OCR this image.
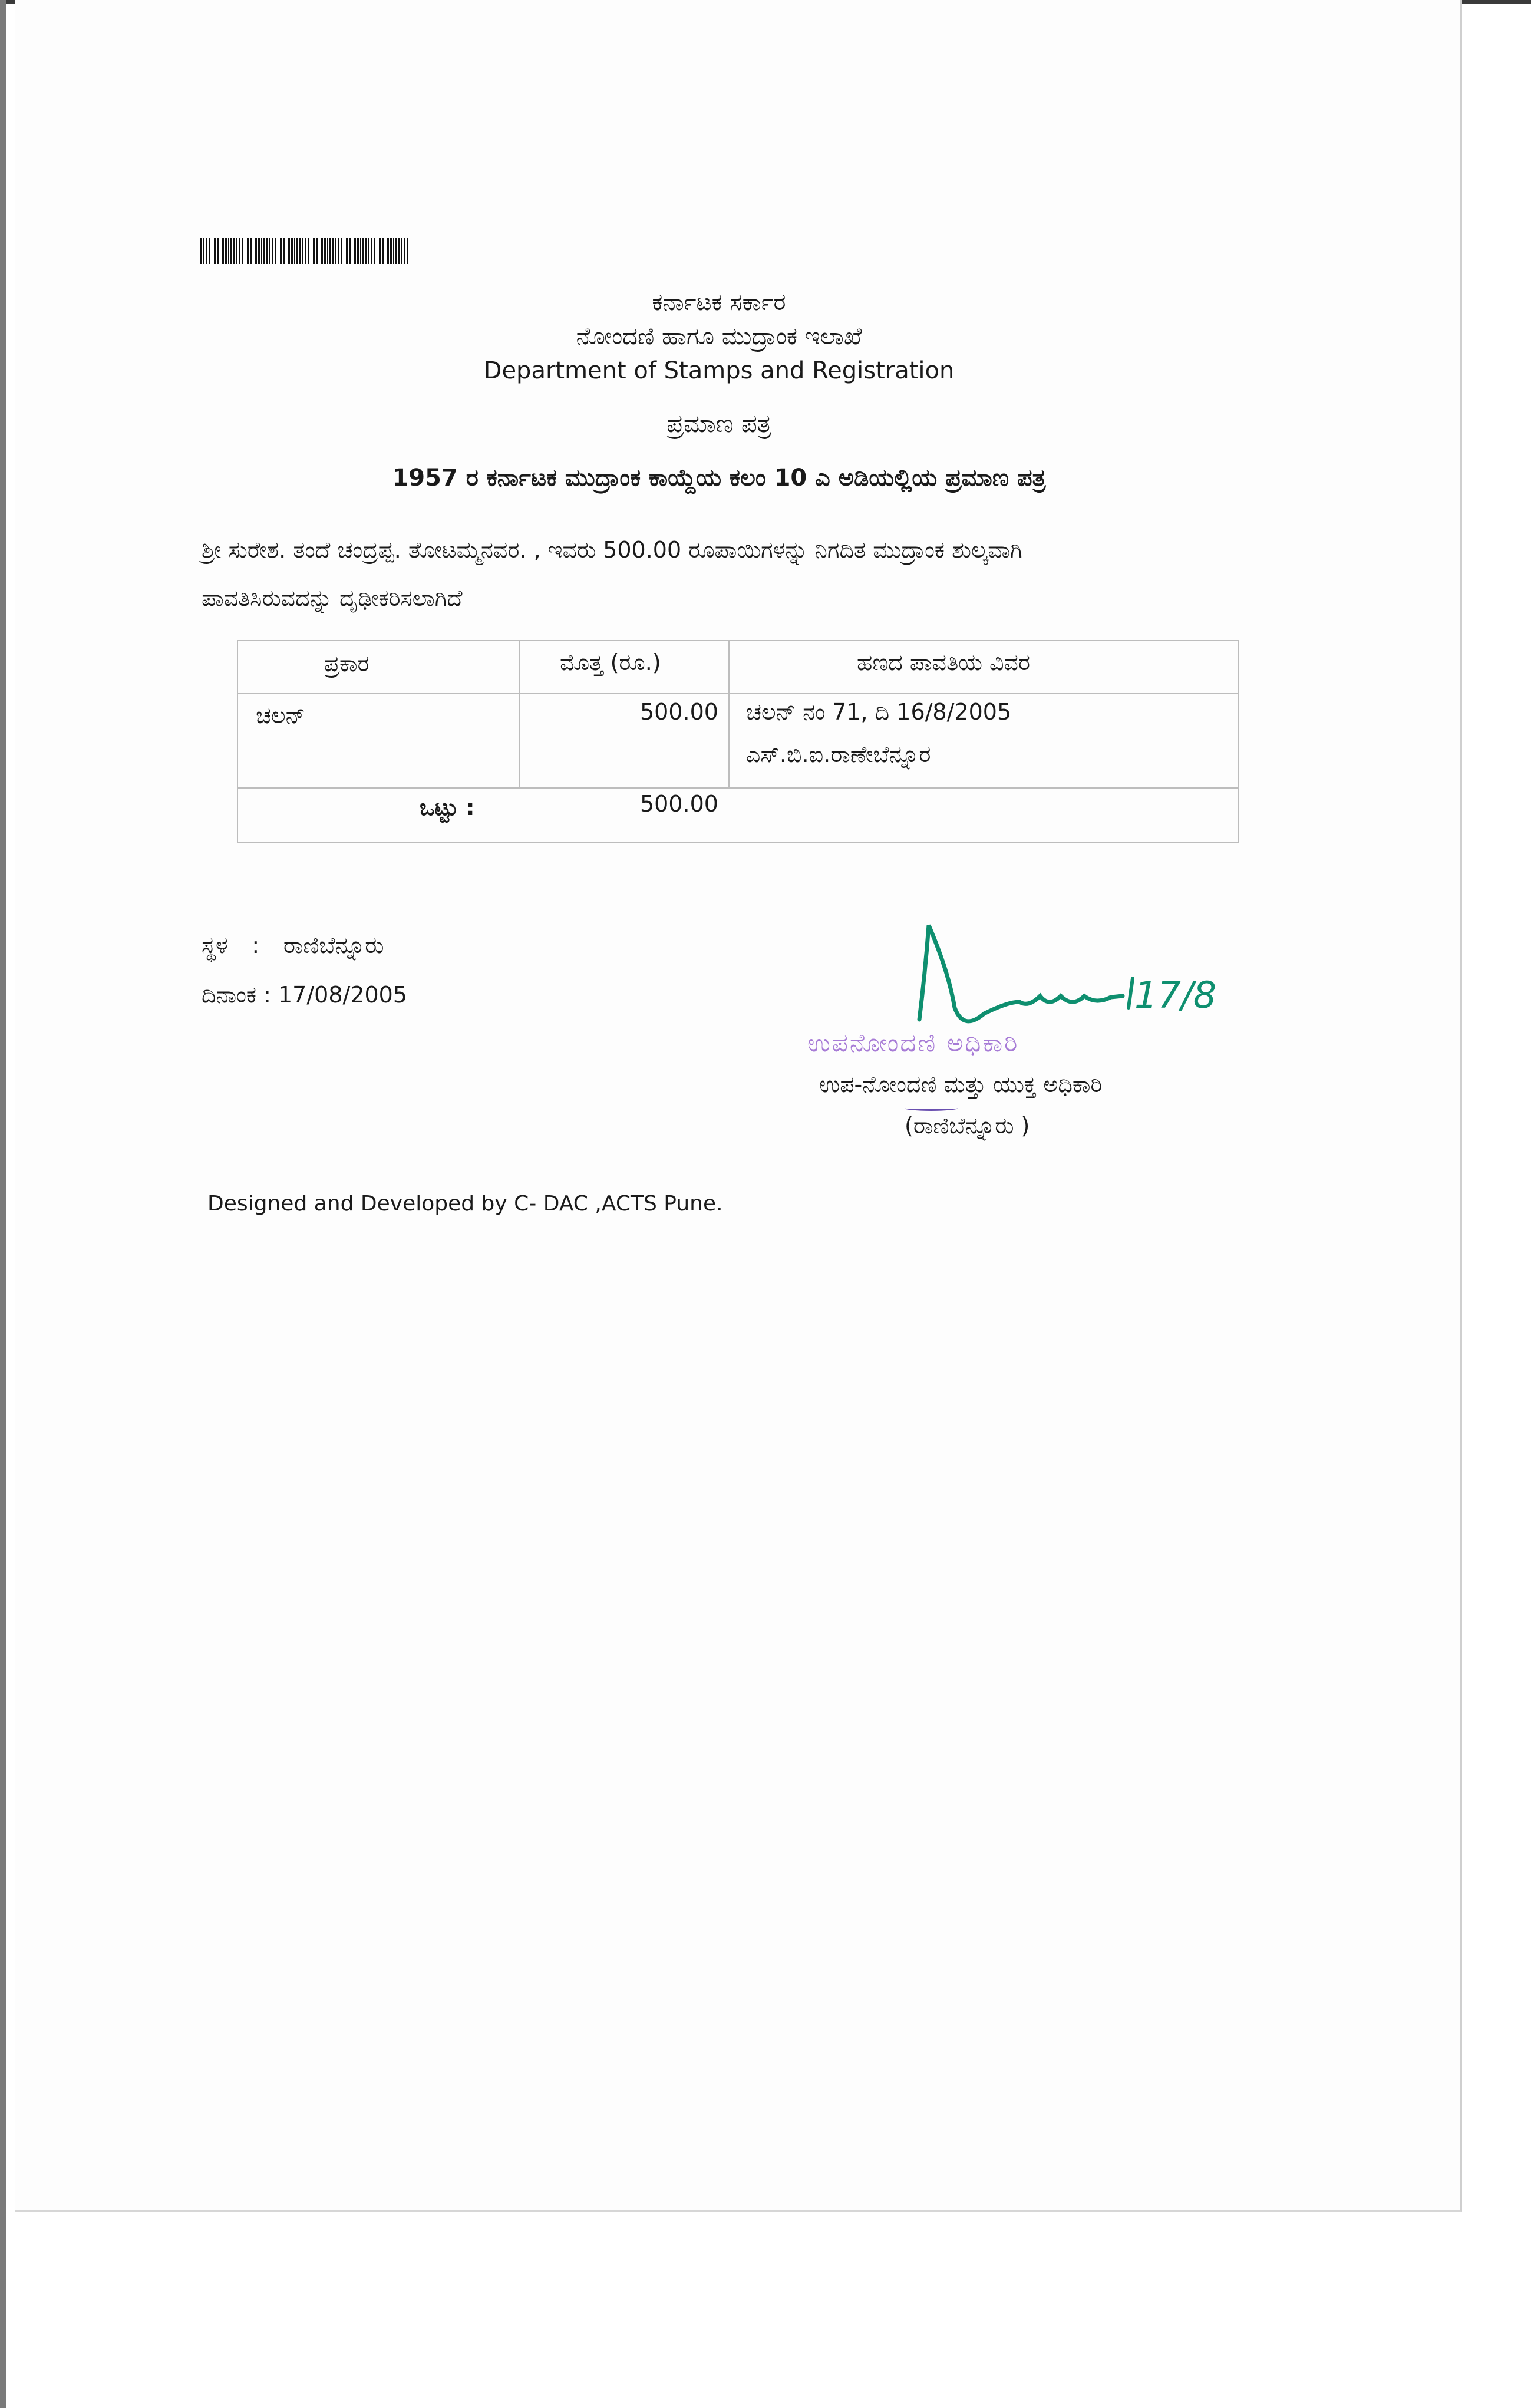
ಕರ್ನಾಟಕ ಸರ್ಕಾರ
ನೋಂದಣಿ ಹಾಗೂ ಮುದ್ರಾಂಕ ಇಲಾಖೆ
Department of Stamps and Registration
ಪ್ರಮಾಣ ಪತ್ರ
1957 ರ ಕರ್ನಾಟಕ ಮುದ್ರಾಂಕ ಕಾಯ್ದೆಯ ಕಲಂ 10 ಎ ಅಡಿಯಲ್ಲಿಯ ಪ್ರಮಾಣ ಪತ್ರ
ಶ್ರೀ ಸುರೇಶ. ತಂದೆ ಚಂದ್ರಪ್ಪ. ತೋಟಮ್ಮನವರ. , ಇವರು 500.00 ರೂಪಾಯಿಗಳನ್ನು ನಿಗದಿತ ಮುದ್ರಾಂಕ ಶುಲ್ಕವಾಗಿ
ಪಾವತಿಸಿರುವದನ್ನು ದೃಢೀಕರಿಸಲಾಗಿದೆ
ಪ್ರಕಾರ	ಮೊತ್ತ (ರೂ.)	ಹಣದ ಪಾವತಿಯ ವಿವರ
ಚಲನ್	500.00 ಚಲನ್ ನಂ 71, ದಿ 16/8/2005
ಎಸ್.ಬಿ.ಐ.ರಾಣೇಬೆನ್ನೂರ
ಒಟ್ಟು :	500.00
ಸ್ಥಳ : ರಾಣಿಬೆನ್ನೂರು
ದಿನಾಂಕ : 17/08/2005	17/8
ಉಪನೋಂದಣಿ ಅಧಿಕಾರಿ
ಉಪ-ನೋಂದಣಿ ಮತ್ತು ಯುಕ್ತ ಅಧಿಕಾರಿ
(ರಾಣಿಬೆನ್ನೂರು )
Designed and Developed by C- DAC ,ACTS Pune.
